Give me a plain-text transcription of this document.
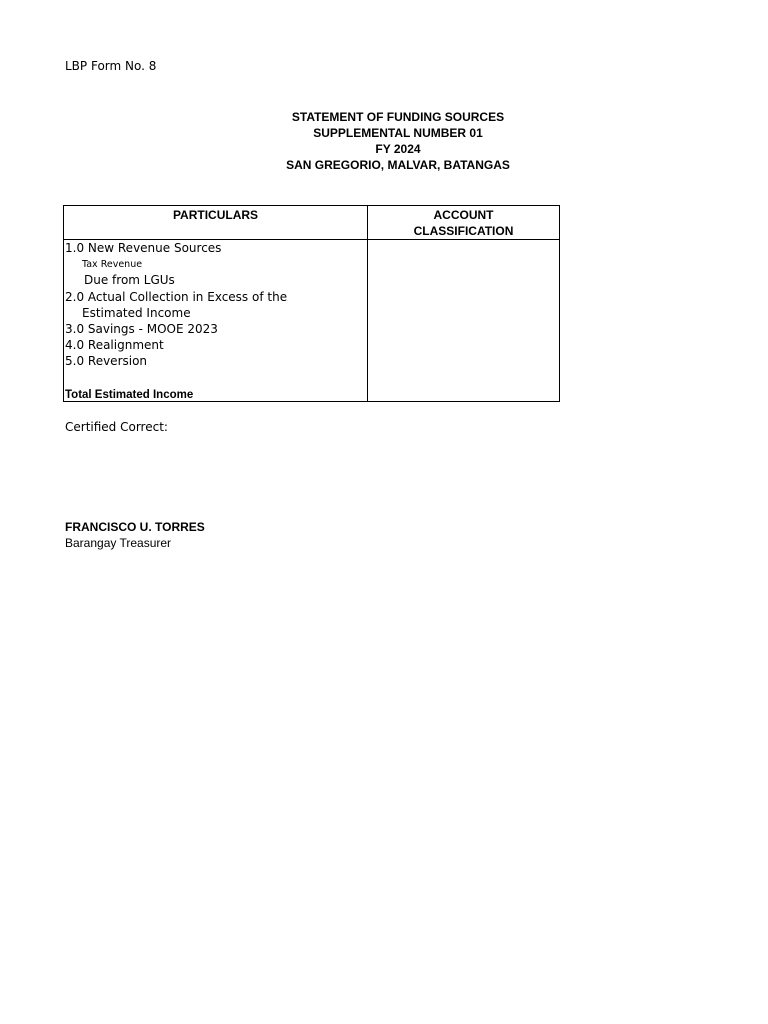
LBP Form No. 8
STATEMENT OF FUNDING SOURCES
SUPPLEMENTAL NUMBER 01
FY 2024
SAN GREGORIO, MALVAR, BATANGAS
PARTICULARS	ACCOUNT
CLASSIFICATION
1.0 New Revenue Sources
Tax Revenue
Due from LGUs
2.0 Actual Collection in Excess of the
Estimated Income
3.0 Savings - MOOE 2023
4.0 Realignment
5.0 Reversion
Total Estimated Income
Certified Correct:
FRANCISCO U. TORRES
Barangay Treasurer
